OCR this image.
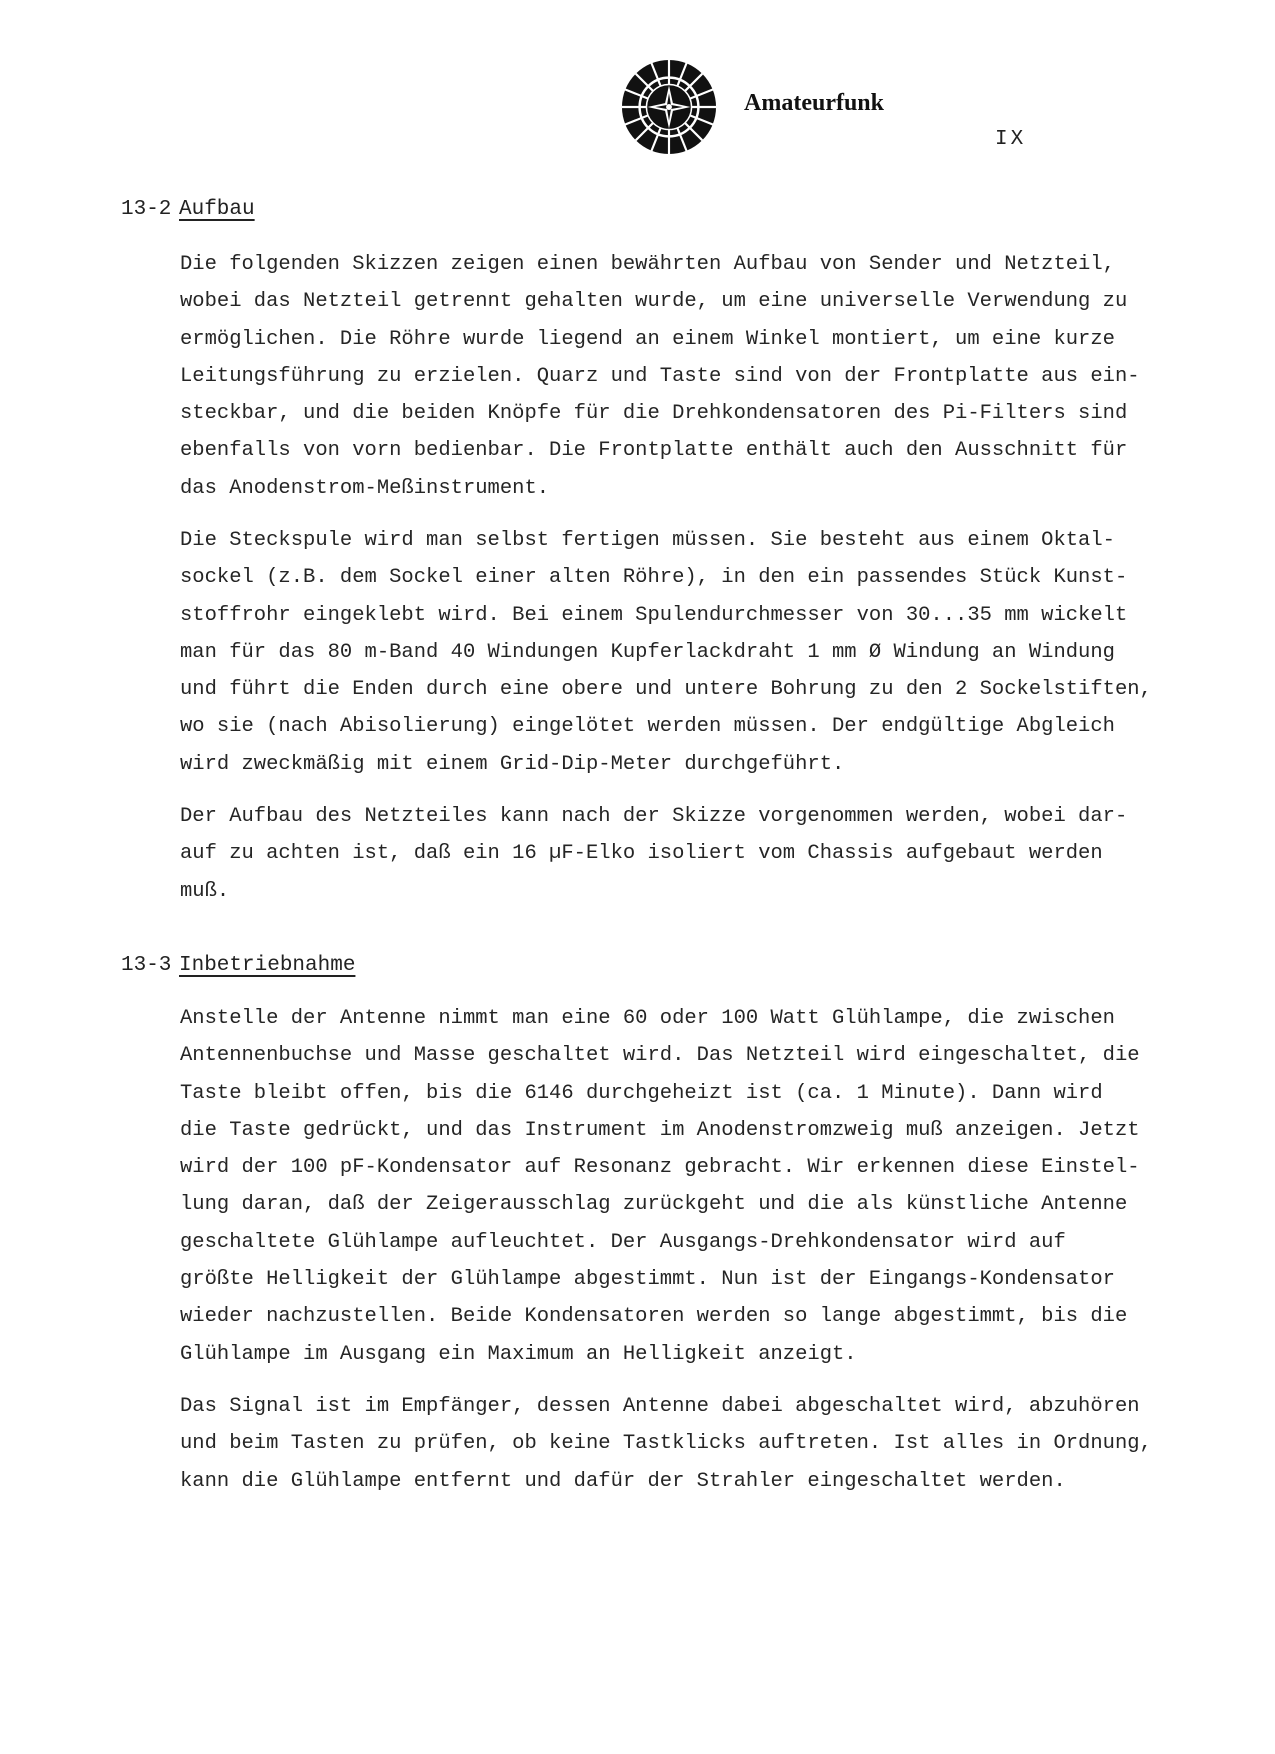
Amateurfunk
IX
13-2 Aufbau

Die folgenden Skizzen zeigen einen bewährten Aufbau von Sender und Netzteil,
wobei das Netzteil getrennt gehalten wurde, um eine universelle Verwendung zu
ermöglichen. Die Röhre wurde liegend an einem Winkel montiert, um eine kurze
Leitungsführung zu erzielen. Quarz und Taste sind von der Frontplatte aus ein-
steckbar, und die beiden Knöpfe für die Drehkondensatoren des Pi-Filters sind
ebenfalls von vorn bedienbar. Die Frontplatte enthält auch den Ausschnitt für
das Anodenstrom-Meßinstrument.

Die Steckspule wird man selbst fertigen müssen. Sie besteht aus einem Oktal-
sockel (z.B. dem Sockel einer alten Röhre), in den ein passendes Stück Kunst-
stoffrohr eingeklebt wird. Bei einem Spulendurchmesser von 30...35 mm wickelt
man für das 80 m-Band 40 Windungen Kupferlackdraht 1 mm Ø Windung an Windung
und führt die Enden durch eine obere und untere Bohrung zu den 2 Sockelstiften,
wo sie (nach Abisolierung) eingelötet werden müssen. Der endgültige Abgleich
wird zweckmäßig mit einem Grid-Dip-Meter durchgeführt.

Der Aufbau des Netzteiles kann nach der Skizze vorgenommen werden, wobei dar-
auf zu achten ist, daß ein 16 µF-Elko isoliert vom Chassis aufgebaut werden
muß.

13-3 Inbetriebnahme

Anstelle der Antenne nimmt man eine 60 oder 100 Watt Glühlampe, die zwischen
Antennenbuchse und Masse geschaltet wird. Das Netzteil wird eingeschaltet, die
Taste bleibt offen, bis die 6146 durchgeheizt ist (ca. 1 Minute). Dann wird
die Taste gedrückt, und das Instrument im Anodenstromzweig muß anzeigen. Jetzt
wird der 100 pF-Kondensator auf Resonanz gebracht. Wir erkennen diese Einstel-
lung daran, daß der Zeigerausschlag zurückgeht und die als künstliche Antenne
geschaltete Glühlampe aufleuchtet. Der Ausgangs-Drehkondensator wird auf
größte Helligkeit der Glühlampe abgestimmt. Nun ist der Eingangs-Kondensator
wieder nachzustellen. Beide Kondensatoren werden so lange abgestimmt, bis die
Glühlampe im Ausgang ein Maximum an Helligkeit anzeigt.

Das Signal ist im Empfänger, dessen Antenne dabei abgeschaltet wird, abzuhören
und beim Tasten zu prüfen, ob keine Tastklicks auftreten. Ist alles in Ordnung,
kann die Glühlampe entfernt und dafür der Strahler eingeschaltet werden.
